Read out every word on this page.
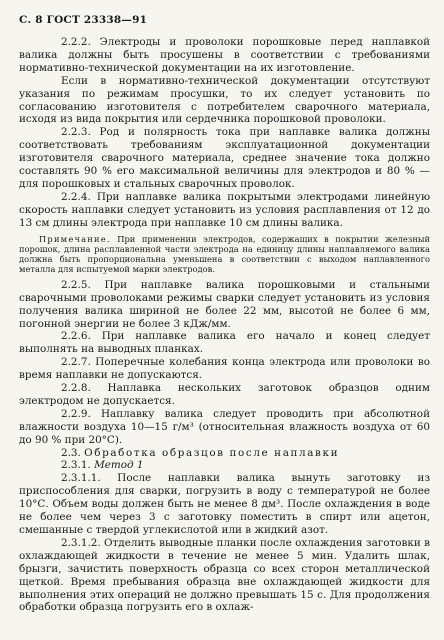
С. 8 ГОСТ 23338—91

2.2.2. Электроды и проволоки порошковые перед наплавкой валика должны быть просушены в соответствии с требованиями нормативно-технической документации на их изготовление.

Если в нормативно-технической документации отсутствуют указания по режимам просушки, то их следует установить по согласованию изготовителя с потребителем сварочного материала, исходя из вида покрытия или сердечника порошковой проволоки.

2.2.3. Род и полярность тока при наплавке валика должны соответствовать требованиям эксплуатационной документации изготовителя сварочного материала, среднее значение тока должно составлять 90 % его максимальной величины для электродов и 80 % — для порошковых и стальных сварочных проволок.

2.2.4. При наплавке валика покрытыми электродами линейную скорость наплавки следует установить из условия расплавления от 12 до 13 см длины электрода при наплавке 10 см длины валика.

Примечание. При применении электродов, содержащих в покрытии железный порошок, длина расплавленной части электрода на единицу длины наплавляемого валика должна быть пропорциональна уменьшена в соответствии с выходом наплавленного металла для испытуемой марки электродов.

2.2.5. При наплавке валика порошковыми и стальными сварочными проволоками режимы сварки следует установить из условия получения валика шириной не более 22 мм, высотой не более 6 мм, погонной энергии не более 3 кДж/мм.

2.2.6. При наплавке валика его начало и конец следует выполнять на выводных планках.

2.2.7. Поперечные колебания конца электрода или проволоки во время наплавки не допускаются.

2.2.8. Наплавка нескольких заготовок образцов одним электродом не допускается.

2.2.9. Наплавку валика следует проводить при абсолютной влажности воздуха 10—15 г/м³ (относительная влажность воздуха от 60 до 90 % при 20°С).

2.3. Обработка образцов после наплавки

2.3.1. Метод 1

2.3.1.1. После наплавки валика вынуть заготовку из приспособления для сварки, погрузить в воду с температурой не более 10°С. Объем воды должен быть не менее 8 дм³. После охлаждения в воде не более чем через 3 с заготовку поместить в спирт или ацетон, смешанные с твердой углекислотой или в жидкий азот.

2.3.1.2. Отделить выводные планки после охлаждения заготовки в охлаждающей жидкости в течение не менее 5 мин. Удалить шлак, брызги, зачистить поверхность образца со всех сторон металлической щеткой. Время пребывания образца вне охлаждающей жидкости для выполнения этих операций не должно превышать 15 с. Для продолжения обработки образца погрузить его в охлаж-
